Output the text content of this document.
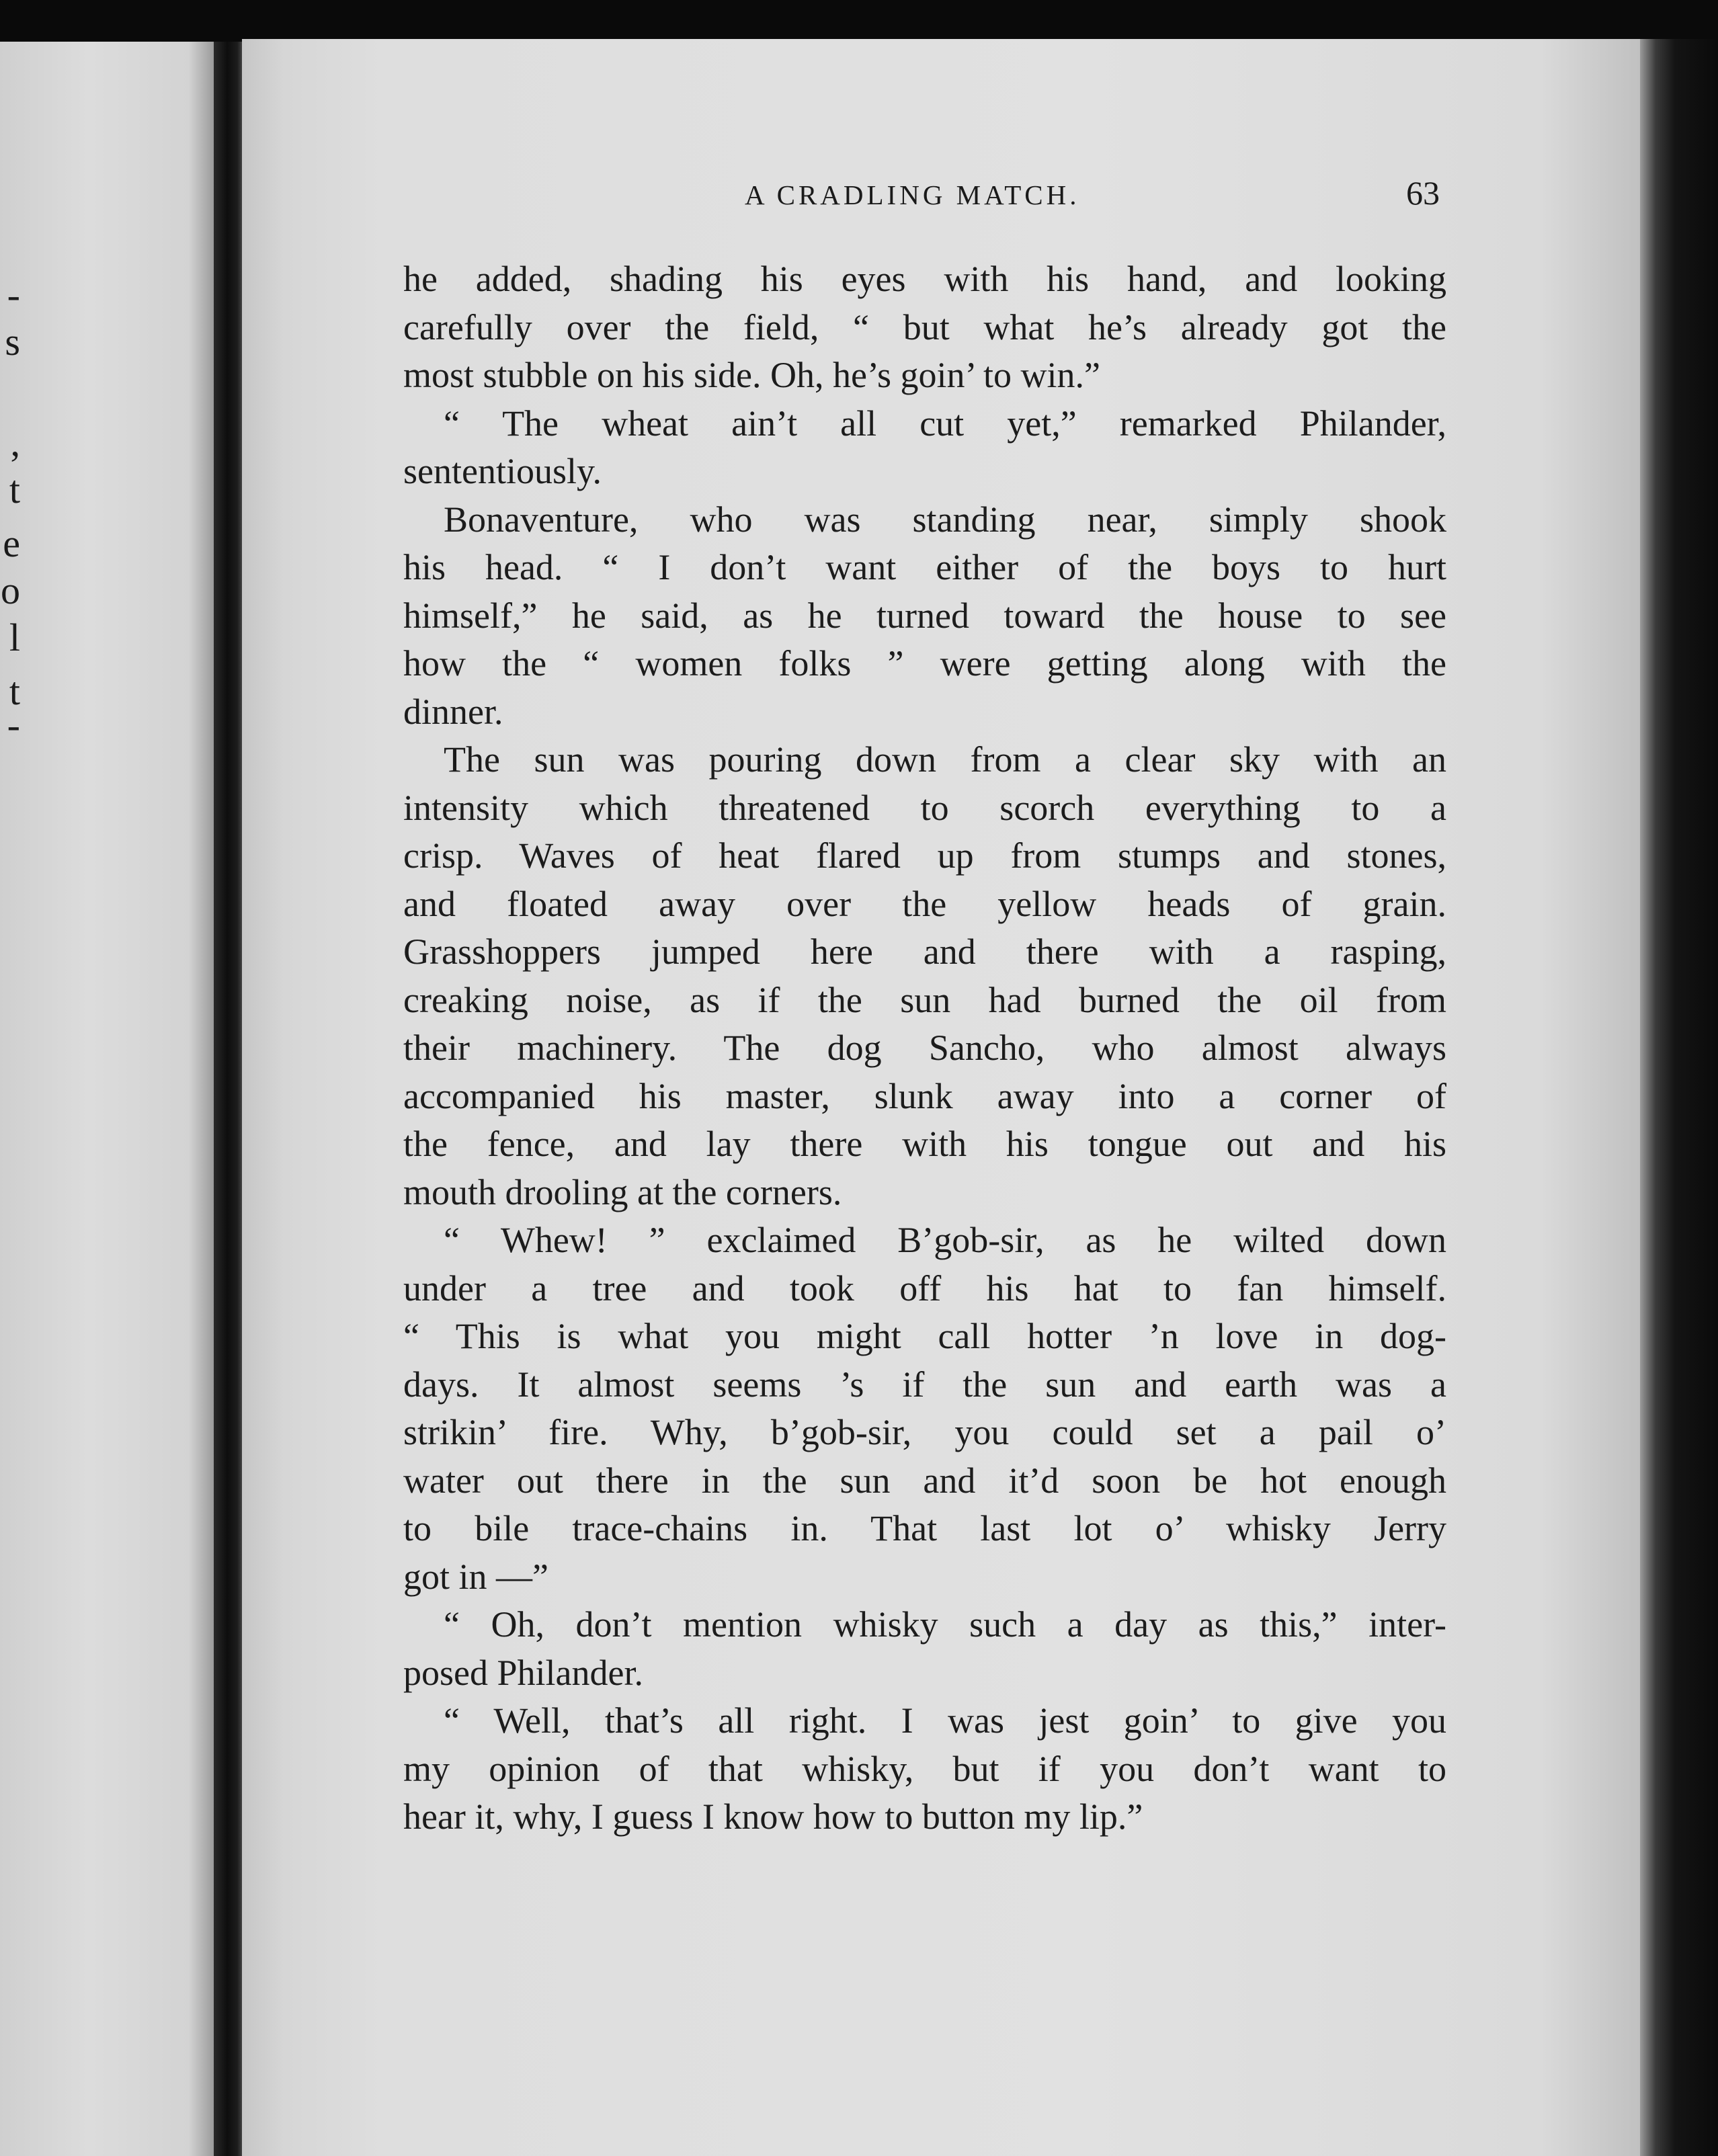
-
s
,
t
e
o
l
t
-
A CRADLING MATCH.	63
he added, shading his eyes with his hand, and looking
carefully over the field, “ but what he’s already got the
most stubble on his side. Oh, he’s goin’ to win.”
“ The wheat ain’t all cut yet,” remarked Philander,
sententiously.
Bonaventure, who was standing near, simply shook
his head. “ I don’t want either of the boys to hurt
himself,” he said, as he turned toward the house to see
how the “ women folks ” were getting along with the
dinner.
The sun was pouring down from a clear sky with an
intensity which threatened to scorch everything to a
crisp. Waves of heat flared up from stumps and stones,
and floated away over the yellow heads of grain.
Grasshoppers jumped here and there with a rasping,
creaking noise, as if the sun had burned the oil from
their machinery. The dog Sancho, who almost always
accompanied his master, slunk away into a corner of
the fence, and lay there with his tongue out and his
mouth drooling at the corners.
“ Whew! ” exclaimed B’gob-sir, as he wilted down
under a tree and took off his hat to fan himself.
“ This is what you might call hotter ’n love in dog-
days. It almost seems ’s if the sun and earth was a
strikin’ fire. Why, b’gob-sir, you could set a pail o’
water out there in the sun and it’d soon be hot enough
to bile trace-chains in. That last lot o’ whisky Jerry
got in —”
“ Oh, don’t mention whisky such a day as this,” inter-
posed Philander.
“ Well, that’s all right. I was jest goin’ to give you
my opinion of that whisky, but if you don’t want to
hear it, why, I guess I know how to button my lip.”
